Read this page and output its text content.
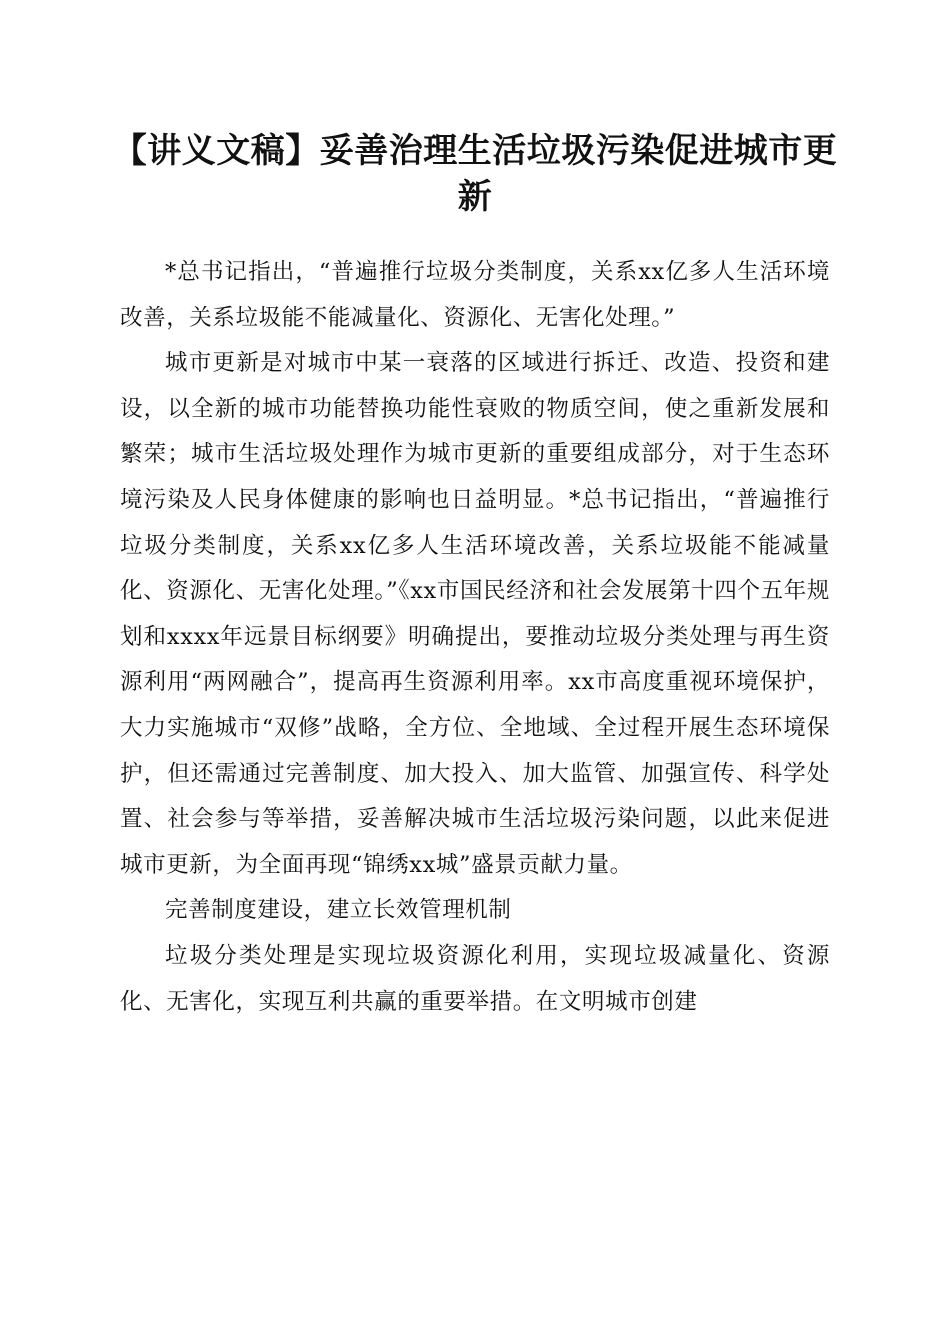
【讲义文稿】妥善治理生活垃圾污染促进城市更新

*总书记指出，“普遍推行垃圾分类制度，关系xx亿多人生活环境改善，关系垃圾能不能减量化、资源化、无害化处理。”

城市更新是对城市中某一衰落的区域进行拆迁、改造、投资和建设，以全新的城市功能替换功能性衰败的物质空间，使之重新发展和繁荣；城市生活垃圾处理作为城市更新的重要组成部分，对于生态环境污染及人民身体健康的影响也日益明显。*总书记指出，“普遍推行垃圾分类制度，关系xx亿多人生活环境改善，关系垃圾能不能减量化、资源化、无害化处理。”《xx市国民经济和社会发展第十四个五年规划和xxxx年远景目标纲要》明确提出，要推动垃圾分类处理与再生资源利用“两网融合”，提高再生资源利用率。xx市高度重视环境保护，大力实施城市“双修”战略，全方位、全地域、全过程开展生态环境保护，但还需通过完善制度、加大投入、加大监管、加强宣传、科学处置、社会参与等举措，妥善解决城市生活垃圾污染问题，以此来促进城市更新，为全面再现“锦绣xx城”盛景贡献力量。

完善制度建设，建立长效管理机制

垃圾分类处理是实现垃圾资源化利用，实现垃圾减量化、资源化、无害化，实现互利共赢的重要举措。在文明城市创建
